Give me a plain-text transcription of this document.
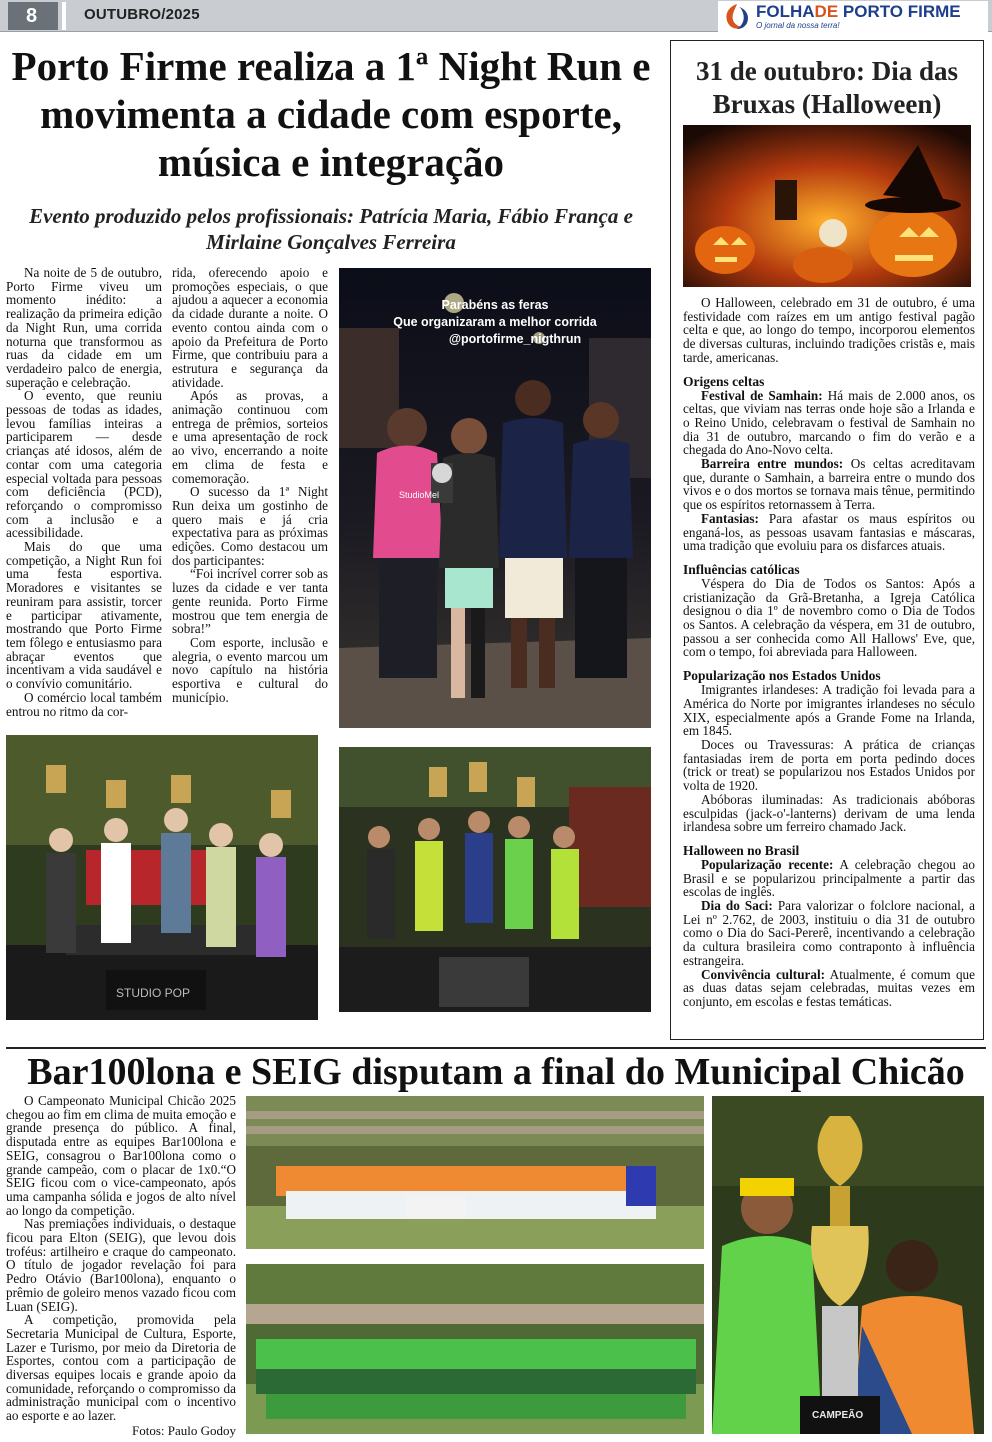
8	OUTUBRO/2025	FOLHADE PORTO FIRME
O jornal da nossa terra!
Porto Firme realiza a 1ª Night Run e movimenta a cidade com esporte, música e integração
Evento produzido pelos profissionais: Patrícia Maria, Fábio França e Mirlaine Gonçalves Ferreira

Na noite de 5 de outubro, Porto Firme viveu um momento inédito: a realização da primeira edição da Night Run, uma corrida noturna que transformou as ruas da cidade em um verdadeiro palco de energia, superação e celebração.

O evento, que reuniu pessoas de todas as idades, levou famílias inteiras a participarem — desde crianças até idosos, além de contar com uma categoria especial voltada para pessoas com deficiência (PCD), reforçando o compromisso com a inclusão e a acessibilidade.

Mais do que uma competição, a Night Run foi uma festa esportiva. Moradores e visitantes se reuniram para assistir, torcer e participar ativamente, mostrando que Porto Firme tem fôlego e entusiasmo para abraçar eventos que incentivam a vida saudável e o convívio comunitário.

O comércio local também entrou no ritmo da cor-

rida, oferecendo apoio e promoções especiais, o que ajudou a aquecer a economia da cidade durante a noite. O evento contou ainda com o apoio da Prefeitura de Porto Firme, que contribuiu para a estrutura e segurança da atividade.

Após as provas, a animação continuou com entrega de prêmios, sorteios e uma apresentação de rock ao vivo, encerrando a noite em clima de festa e comemoração.

O sucesso da 1ª Night Run deixa um gostinho de quero mais e já cria expectativa para as próximas edições. Como destacou um dos participantes:

“Foi incrível correr sob as luzes da cidade e ver tanta gente reunida. Porto Firme mostrou que tem energia de sobra!”

Com esporte, inclusão e alegria, o evento marcou um novo capítulo na história esportiva e cultural do município.

StudioMel
Parabéns as feras
Que organizaram a melhor corrida
@portofirme_nigthrun
STUDIO POP
31 de outubro: Dia das Bruxas (Halloween)

O Halloween, celebrado em 31 de outubro, é uma festividade com raízes em um antigo festival pagão celta e que, ao longo do tempo, incorporou elementos de diversas culturas, incluindo tradições cristãs e, mais tarde, americanas.

Origens celtas

Festival de Samhain: Há mais de 2.000 anos, os celtas, que viviam nas terras onde hoje são a Irlanda e o Reino Unido, celebravam o festival de Samhain no dia 31 de outubro, marcando o fim do verão e a chegada do Ano-Novo celta.

Barreira entre mundos: Os celtas acreditavam que, durante o Samhain, a barreira entre o mundo dos vivos e o dos mortos se tornava mais tênue, permitindo que os espíritos retornassem à Terra.

Fantasias: Para afastar os maus espíritos ou enganá-los, as pessoas usavam fantasias e máscaras, uma tradição que evoluiu para os disfarces atuais.

Influências católicas

Véspera do Dia de Todos os Santos: Após a cristianização da Grã-Bretanha, a Igreja Católica designou o dia 1º de novembro como o Dia de Todos os Santos. A celebração da véspera, em 31 de outubro, passou a ser conhecida como All Hallows' Eve, que, com o tempo, foi abreviada para Halloween.

Popularização nos Estados Unidos

Imigrantes irlandeses: A tradição foi levada para a América do Norte por imigrantes irlandeses no século XIX, especialmente após a Grande Fome na Irlanda, em 1845.

Doces ou Travessuras: A prática de crianças fantasiadas irem de porta em porta pedindo doces (trick or treat) se popularizou nos Estados Unidos por volta de 1920.

Abóboras iluminadas: As tradicionais abóboras esculpidas (jack-o'-lanterns) derivam de uma lenda irlandesa sobre um ferreiro chamado Jack.

Halloween no Brasil

Popularização recente: A celebração chegou ao Brasil e se popularizou principalmente a partir das escolas de inglês.

Dia do Saci: Para valorizar o folclore nacional, a Lei nº 2.762, de 2003, instituiu o dia 31 de outubro como o Dia do Saci-Pererê, incentivando a celebração da cultura brasileira como contraponto à influência estrangeira.

Convivência cultural: Atualmente, é comum que as duas datas sejam celebradas, muitas vezes em conjunto, em escolas e festas temáticas.

Bar100lona e SEIG disputam a final do Municipal Chicão

O Campeonato Municipal Chicão 2025 chegou ao fim em clima de muita emoção e grande presença do público. A final, disputada entre as equipes Bar100lona e SEIG, consagrou o Bar100lona como o grande campeão, com o placar de 1x0.“O SEIG ficou com o vice-campeonato, após uma campanha sólida e jogos de alto nível ao longo da competição.

Nas premiações individuais, o destaque ficou para Elton (SEIG), que levou dois troféus: artilheiro e craque do campeonato. O título de jogador revelação foi para Pedro Otávio (Bar100lona), enquanto o prêmio de goleiro menos vazado ficou com Luan (SEIG).

A competição, promovida pela Secretaria Municipal de Cultura, Esporte, Lazer e Turismo, por meio da Diretoria de Esportes, contou com a participação de diversas equipes locais e grande apoio da comunidade, reforçando o compromisso da administração municipal com o incentivo ao esporte e ao lazer.

Fotos: Paulo Godoy
CAMPEÃO
